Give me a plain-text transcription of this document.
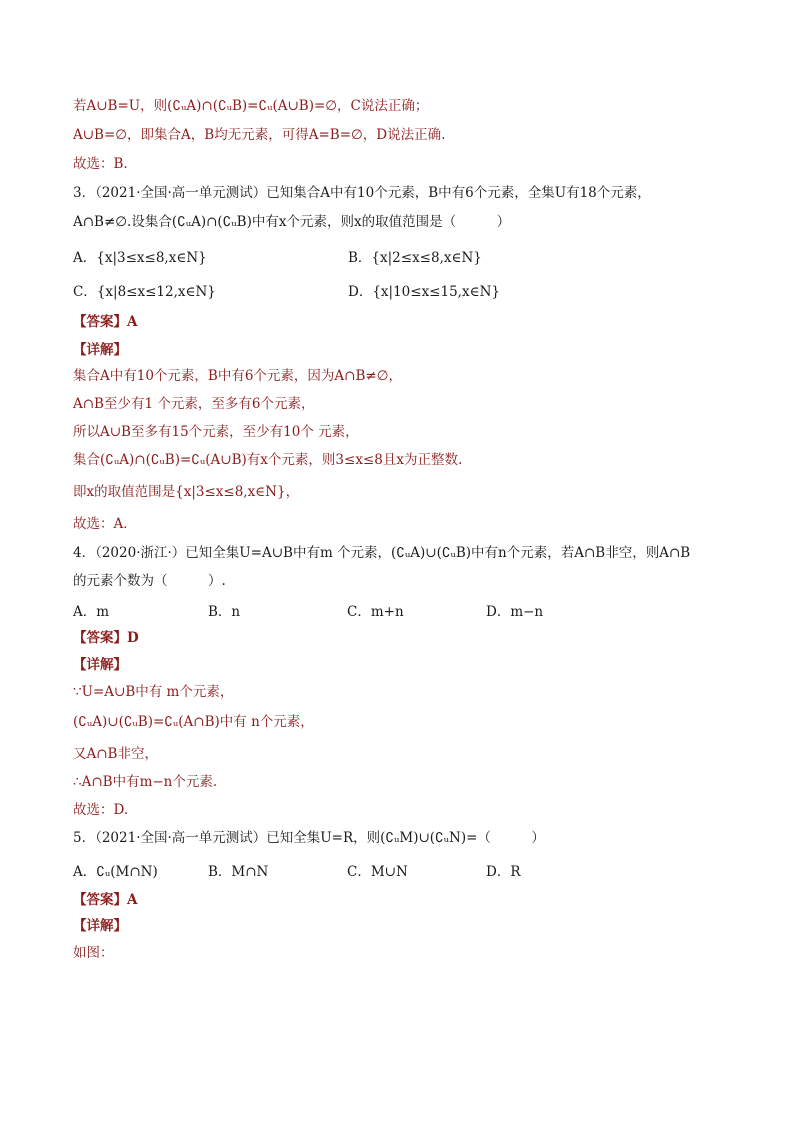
若A∪B=U，则(∁ᵤA)∩(∁ᵤB)=∁ᵤ(A∪B)=∅，C说法正确；
A∪B=∅，即集合A，B均无元素，可得A=B=∅，D说法正确.
故选：B.
3．（2021·全国·高一单元测试）已知集合A中有10个元素，B中有6个元素，全集U有18个元素，
A∩B≠∅.设集合(∁ᵤA)∩(∁ᵤB)中有x个元素，则x的取值范围是（　　　）
A．{x|3≤x≤8,x∈N}	B．{x|2≤x≤8,x∈N}
C．{x|8≤x≤12,x∈N}	D．{x|10≤x≤15,x∈N}
【答案】A
【详解】
集合A中有10个元素，B中有6个元素，因为A∩B≠∅，
A∩B至少有1 个元素，至多有6个元素，
所以A∪B至多有15个元素，至少有10个 元素，
集合(∁ᵤA)∩(∁ᵤB)=∁ᵤ(A∪B)有x个元素，则3≤x≤8且x为正整数.
即x的取值范围是{x|3≤x≤8,x∈N}，
故选：A．
4．（2020·浙江·）已知全集U=A∪B中有m 个元素，(∁ᵤA)∪(∁ᵤB)中有n个元素，若A∩B非空，则A∩B
的元素个数为（　　　）.
A．m	B．n	C．m+n	D．m−n
【答案】D
【详解】
∵U=A∪B中有 m个元素，
(∁ᵤA)∪(∁ᵤB)=∁ᵤ(A∩B)中有 n个元素，
又A∩B非空，
∴A∩B中有m−n个元素.
故选：D.
5．（2021·全国·高一单元测试）已知全集U=R，则(∁ᵤM)∪(∁ᵤN)=（　　　）
A．∁ᵤ(M∩N)	B．M∩N	C．M∪N	D．R
【答案】A
【详解】
如图：
